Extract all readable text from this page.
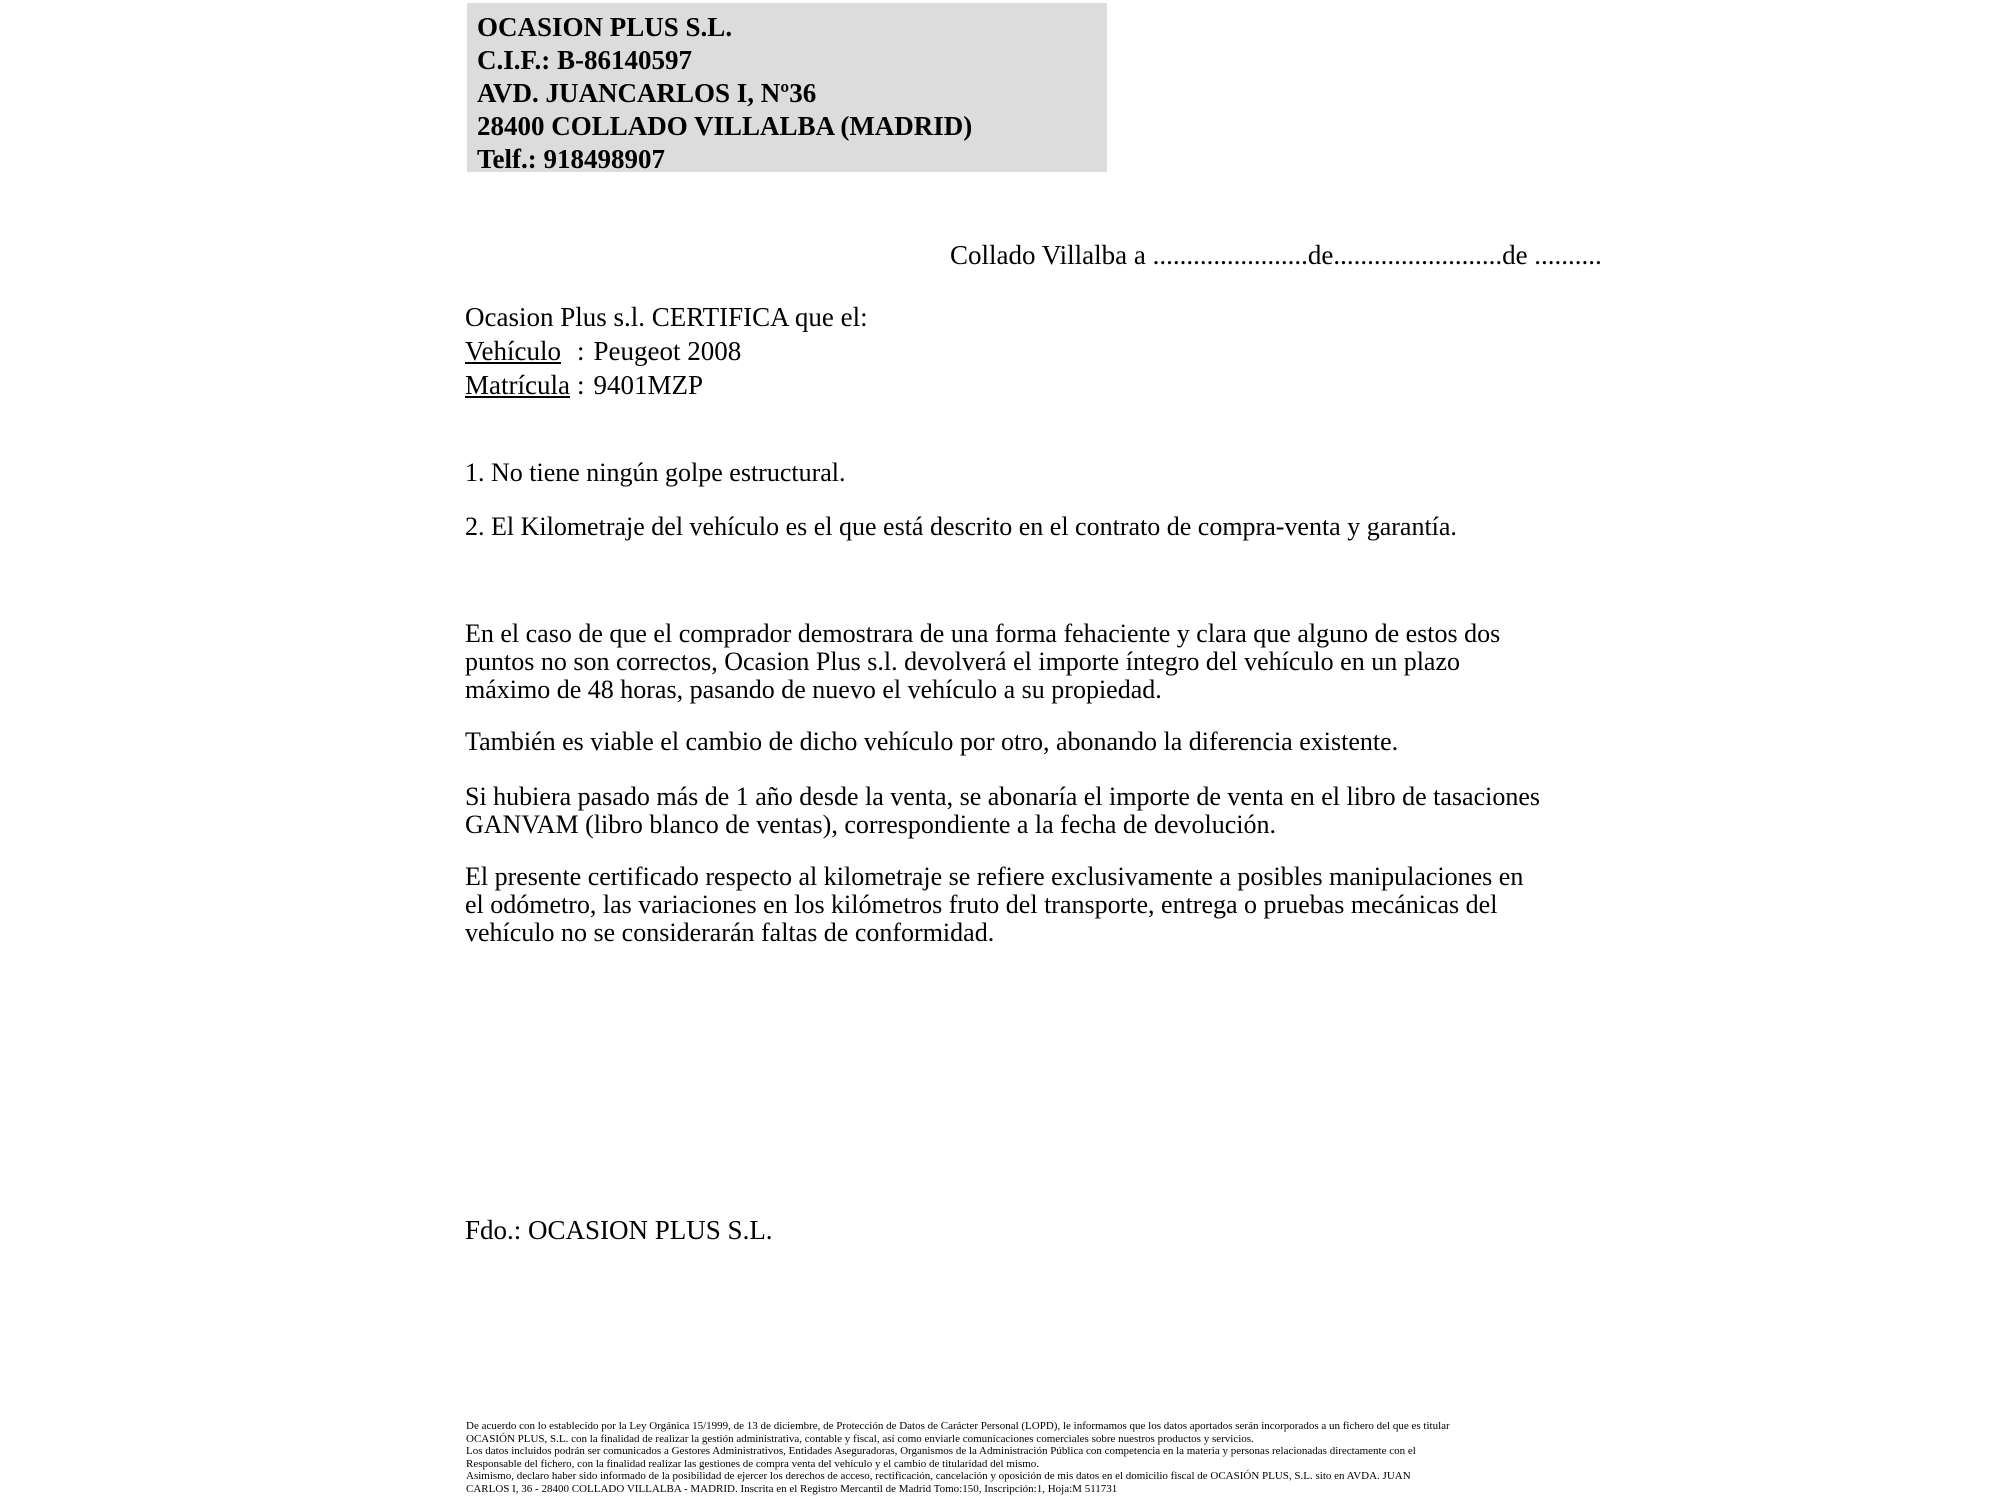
OCASION PLUS S.L.
C.I.F.: B-86140597
AVD. JUANCARLOS I, Nº36
28400 COLLADO VILLALBA (MADRID)
Telf.: 918498907
Collado Villalba a .......................de.........................de ..........
Ocasion Plus s.l. CERTIFICA que el:
Vehículo : Peugeot 2008
Matrícula : 9401MZP
1. No tiene ningún golpe estructural.
2. El Kilometraje del vehículo es el que está descrito en el contrato de compra-venta y garantía.
En el caso de que el comprador demostrara de una forma fehaciente y clara que alguno de estos dos puntos no son correctos, Ocasion Plus s.l. devolverá el importe íntegro del vehículo en un plazo máximo de 48 horas, pasando de nuevo el vehículo a su propiedad.
También es viable el cambio de dicho vehículo por otro, abonando la diferencia existente.
Si hubiera pasado más de 1 año desde la venta, se abonaría el importe de venta en el libro de tasaciones GANVAM (libro blanco de ventas), correspondiente a la fecha de devolución.
El presente certificado respecto al kilometraje se refiere exclusivamente a posibles manipulaciones en el odómetro, las variaciones en los kilómetros fruto del transporte, entrega o pruebas mecánicas del vehículo no se considerarán faltas de conformidad.
Fdo.: OCASION PLUS S.L.
De acuerdo con lo establecido por la Ley Orgánica 15/1999, de 13 de diciembre, de Protección de Datos de Carácter Personal (LOPD), le informamos que los datos aportados serán incorporados a un fichero del que es titular
OCASIÓN PLUS, S.L. con la finalidad de realizar la gestión administrativa, contable y fiscal, así como enviarle comunicaciones comerciales sobre nuestros productos y servicios.
Los datos incluidos podrán ser comunicados a Gestores Administrativos, Entidades Aseguradoras, Organismos de la Administración Pública con competencia en la materia y personas relacionadas directamente con el
Responsable del fichero, con la finalidad realizar las gestiones de compra venta del vehículo y el cambio de titularidad del mismo.
Asimismo, declaro haber sido informado de la posibilidad de ejercer los derechos de acceso, rectificación, cancelación y oposición de mis datos en el domicilio fiscal de OCASIÓN PLUS, S.L. sito en AVDA. JUAN
CARLOS I, 36 - 28400 COLLADO VILLALBA - MADRID. Inscrita en el Registro Mercantil de Madrid Tomo:150, Inscripción:1, Hoja:M 511731
